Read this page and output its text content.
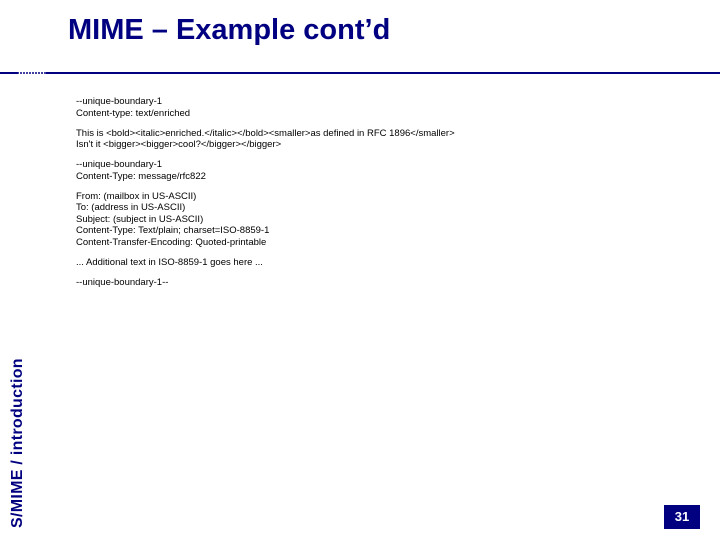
MIME – Example cont’d
S/MIME / introduction
--unique-boundary-1
Content-type: text/enriched
This is <bold><italic>enriched.</italic></bold><smaller>as defined in RFC 1896</smaller>
Isn't it <bigger><bigger>cool?</bigger></bigger>
--unique-boundary-1
Content-Type: message/rfc822
From: (mailbox in US-ASCII)
To: (address in US-ASCII)
Subject: (subject in US-ASCII)
Content-Type: Text/plain; charset=ISO-8859-1
Content-Transfer-Encoding: Quoted-printable
... Additional text in ISO-8859-1 goes here ...
--unique-boundary-1--
31
